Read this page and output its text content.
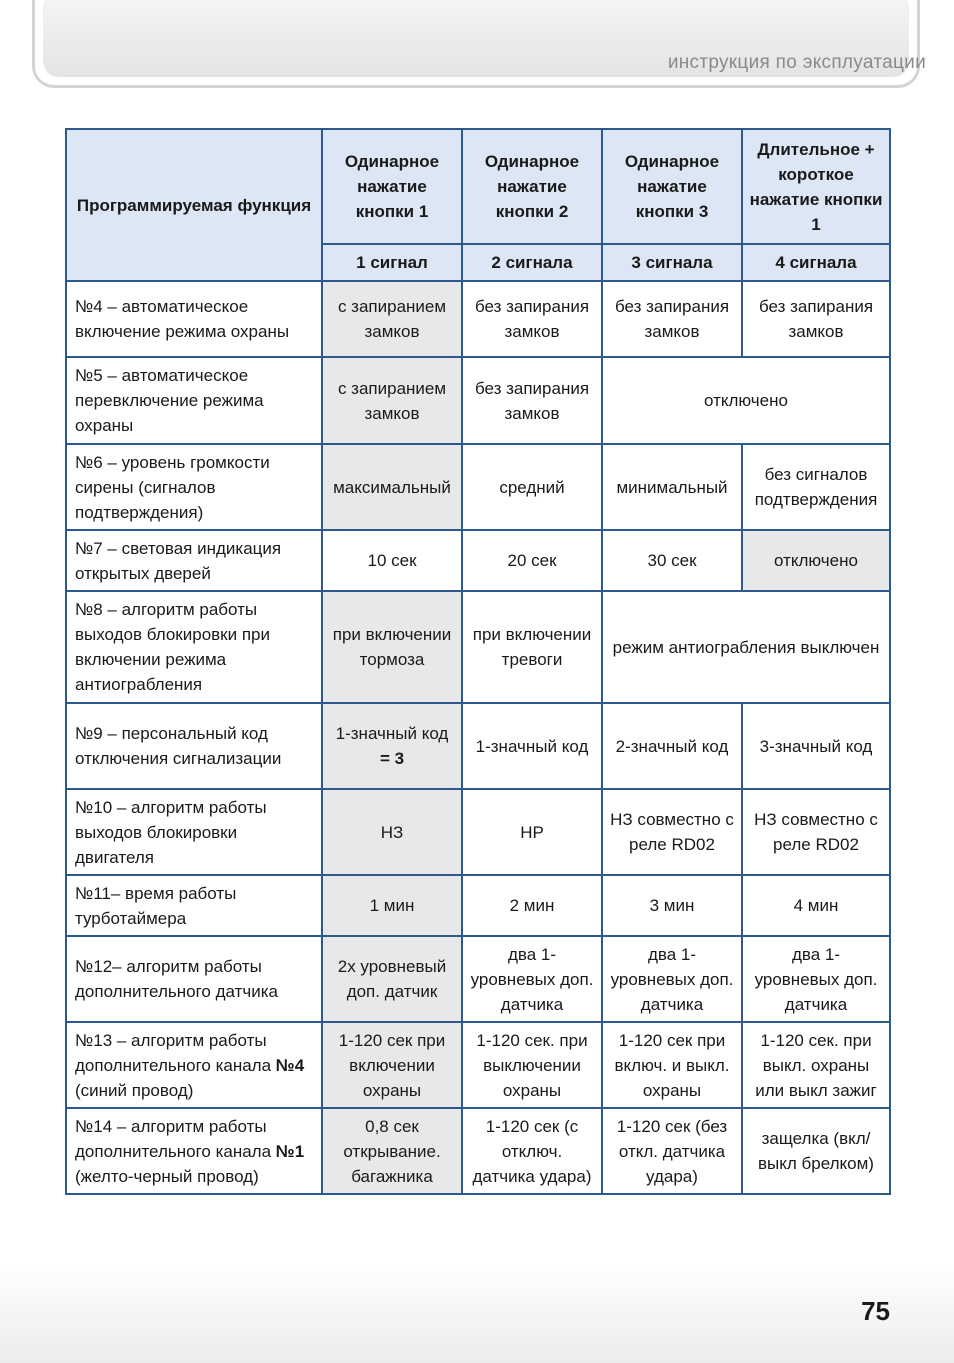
инструкция по эксплуатации
Программируемая функция	Одинарное нажатие кнопки 1	Одинарное нажатие кнопки 2	Одинарное нажатие кнопки 3	Длительное + короткое нажатие кнопки 1
	1 сигнал	2 сигнала	3 сигнала	4 сигнала
№4 – автоматическое включение режима охраны	с запиранием замков	без запирания замков	без запирания замков	без запирания замков
№5 – автоматическое перевключение режима охраны	с запиранием замков	без запирания замков	отключено	
№6 – уровень громкости сирены (сигналов подтверждения)	максимальный	средний	минимальный	без сигналов подтверждения
№7 – световая индикация открытых дверей	10 сек	20 сек	30 сек	отключено
№8 – алгоритм работы выходов блокировки при включении режима антиограбления	при включении тормоза	при включении тревоги	режим антиограбления выключен	
№9 – персональный код отключения сигнализации	1-значный код = 3	1-значный код	2-значный код	3-значный код
№10 – алгоритм работы выходов блокировки двигателя	НЗ	НР	НЗ совместно с реле RD02	НЗ совместно с реле RD02
№11– время работы турботаймера	1 мин	2 мин	3 мин	4 мин
№12– алгоритм работы дополнительного датчика	2х уровневый доп. датчик	два 1- уровневых доп. датчика	два 1- уровневых доп. датчика	два 1- уровневых доп. датчика
№13 – алгоритм работы дополнительного канала №4 (синий провод)	1-120 сек при включении охраны	1-120 сек. при выключении охраны	1-120 сек при включ. и выкл. охраны	1-120 сек. при выкл. охраны или выкл зажиг
№14 – алгоритм работы дополнительного канала №1 (желто-черный провод)	0,8 сек открывание. багажника	1-120 сек (с отключ. датчика удара)	1-120 сек (без откл. датчика удара)	защелка (вкл/выкл брелком)
75
